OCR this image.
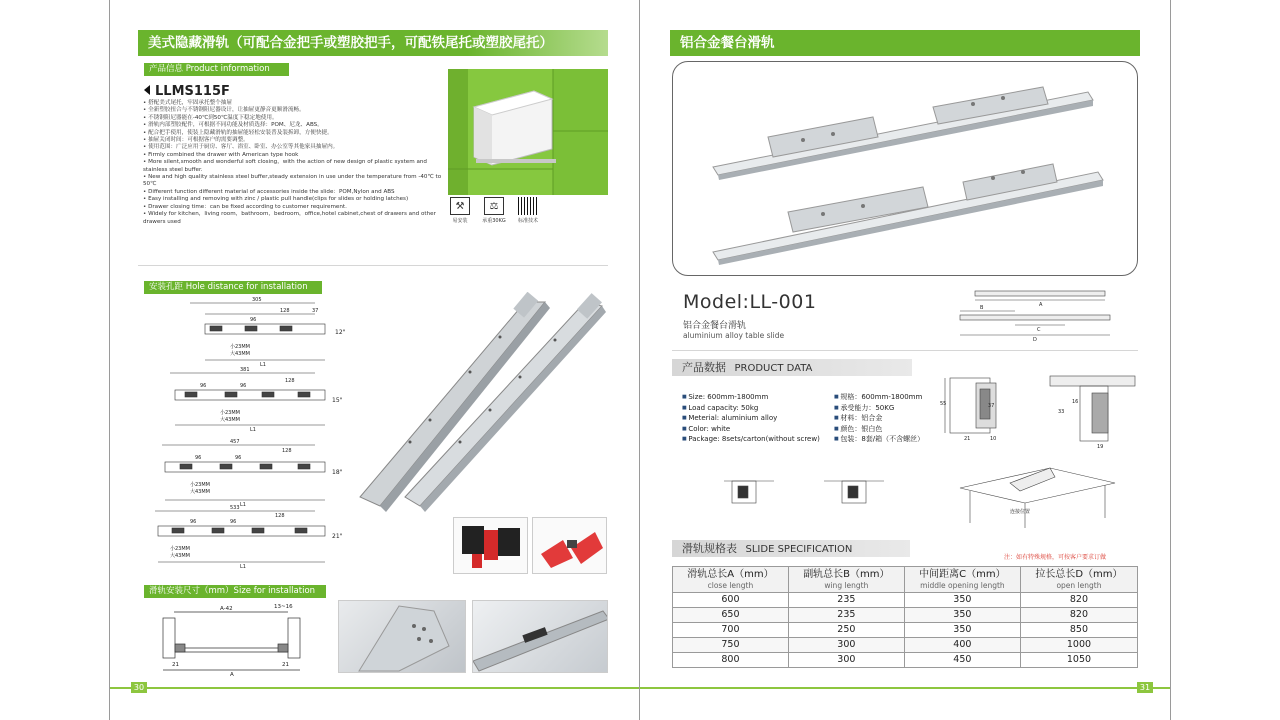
30	31
美式隐藏滑轨（可配合金把手或塑胶把手，可配铁尾托或塑胶尾托）
产品信息 Product information
LLMS115F
• 搭配美式尾托，牢固承托整个抽屉
• 全新塑胶扭合与不锈钢阻尼器设计，让抽屉更静音更顺滑流畅。
• 不锈钢阻尼器能在-40℃到50℃温度下稳定地使用。
• 滑轨内部塑胶配件，可根据不同功能及材质选择：POM、尼龙、ABS。
• 配合把手使用，使装上隐藏滑轨的抽屉能轻松安装普及装拆卸，方便快捷。
• 抽屉关闭时间：可根据客户的需要调整。
• 使用范围：广泛应用于厨房、客厅、浴室、卧室、办公室等其他家具抽屉内。
• Firmly combined the drawer with American type hook
• More silent,smooth and wonderful soft closing，with the action of new design of plastic system and stainless steel buffer.
• New and high quality stainless steel buffer,steady extension in use under the temperature from -40℃ to 50℃
• Different function different material of accessories inside the slide：POM,Nylon and ABS
• Easy installing and removing with zinc / plastic pull handle(clips for slides or holding latches)
• Drawer closing time：can be fixed according to customer requirement.
• Widely for kitchen，living room，bathroom，bedroom，office,hotel cabinet,chest of drawers and other drawers used
⚒
易安装
⚖
承重30KG	标准技术
安装孔距 Hole distance for installation
305
96
128	37
小23MM
大43MM
L1
12"
381
96	96
128
小23MM
大43MM
L1
15"
457
96	96
128
小23MM
大43MM
L1
18"
533
96	96
128
小23MM
大43MM
L1
21"
滑轨安装尺寸（mm）Size for installation
A-42	13~16
21	21
A
铝合金餐台滑轨
Model:LL-001
铝合金餐台滑轨
aluminium alloy table slide
A
B
C
D
产品数据 PRODUCT DATA
■ Size: 600mm-1800mm
■ Load capacity: 50kg
■ Meterial: aluminium alloy
■ Color: white
■ Package: 8sets/carton(without screw)
■ 规格：600mm-1800mm
■ 承受能力：50KG
■ 材料：铝合金
■ 颜色：银白色
■ 包装：8套/箱（不含螺丝）
55
21	10
37
16
19
33
连接位置
滑轨规格表 SLIDE SPECIFICATION
注：如有特殊规格，可按客户要求订做
滑轨总长A（mm）
close length	副轨总长B（mm）
wing length	中间距离C（mm）
middle opening length	拉长总长D（mm）
open length

600	235	350	820
650	235	350	820
700	250	350	850
750	300	400	1000
800	300	450	1050
